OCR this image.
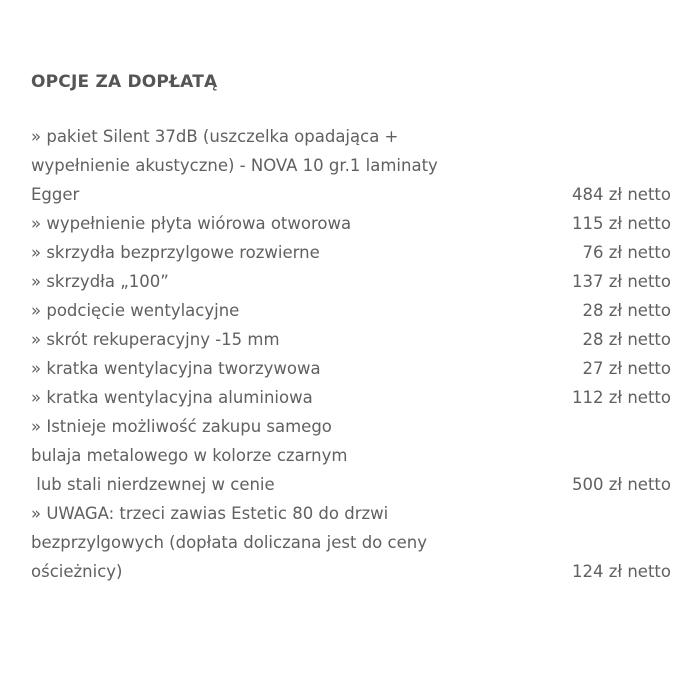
OPCJE ZA DOPŁATĄ
» pakiet Silent 37dB (uszczelka opadająca +
wypełnienie akustyczne) - NOVA 10 gr.1 laminaty
Egger	484 zł netto
» wypełnienie płyta wiórowa otworowa	115 zł netto
» skrzydła bezprzylgowe rozwierne	76 zł netto
» skrzydła „100”	137 zł netto
» podcięcie wentylacyjne	28 zł netto
» skrót rekuperacyjny -15 mm	28 zł netto
» kratka wentylacyjna tworzywowa	27 zł netto
» kratka wentylacyjna aluminiowa	112 zł netto
» Istnieje możliwość zakupu samego
bulaja metalowego w kolorze czarnym
lub stali nierdzewnej w cenie	500 zł netto
» UWAGA: trzeci zawias Estetic 80 do drzwi
bezprzylgowych (dopłata doliczana jest do ceny
ościeżnicy)	124 zł netto
